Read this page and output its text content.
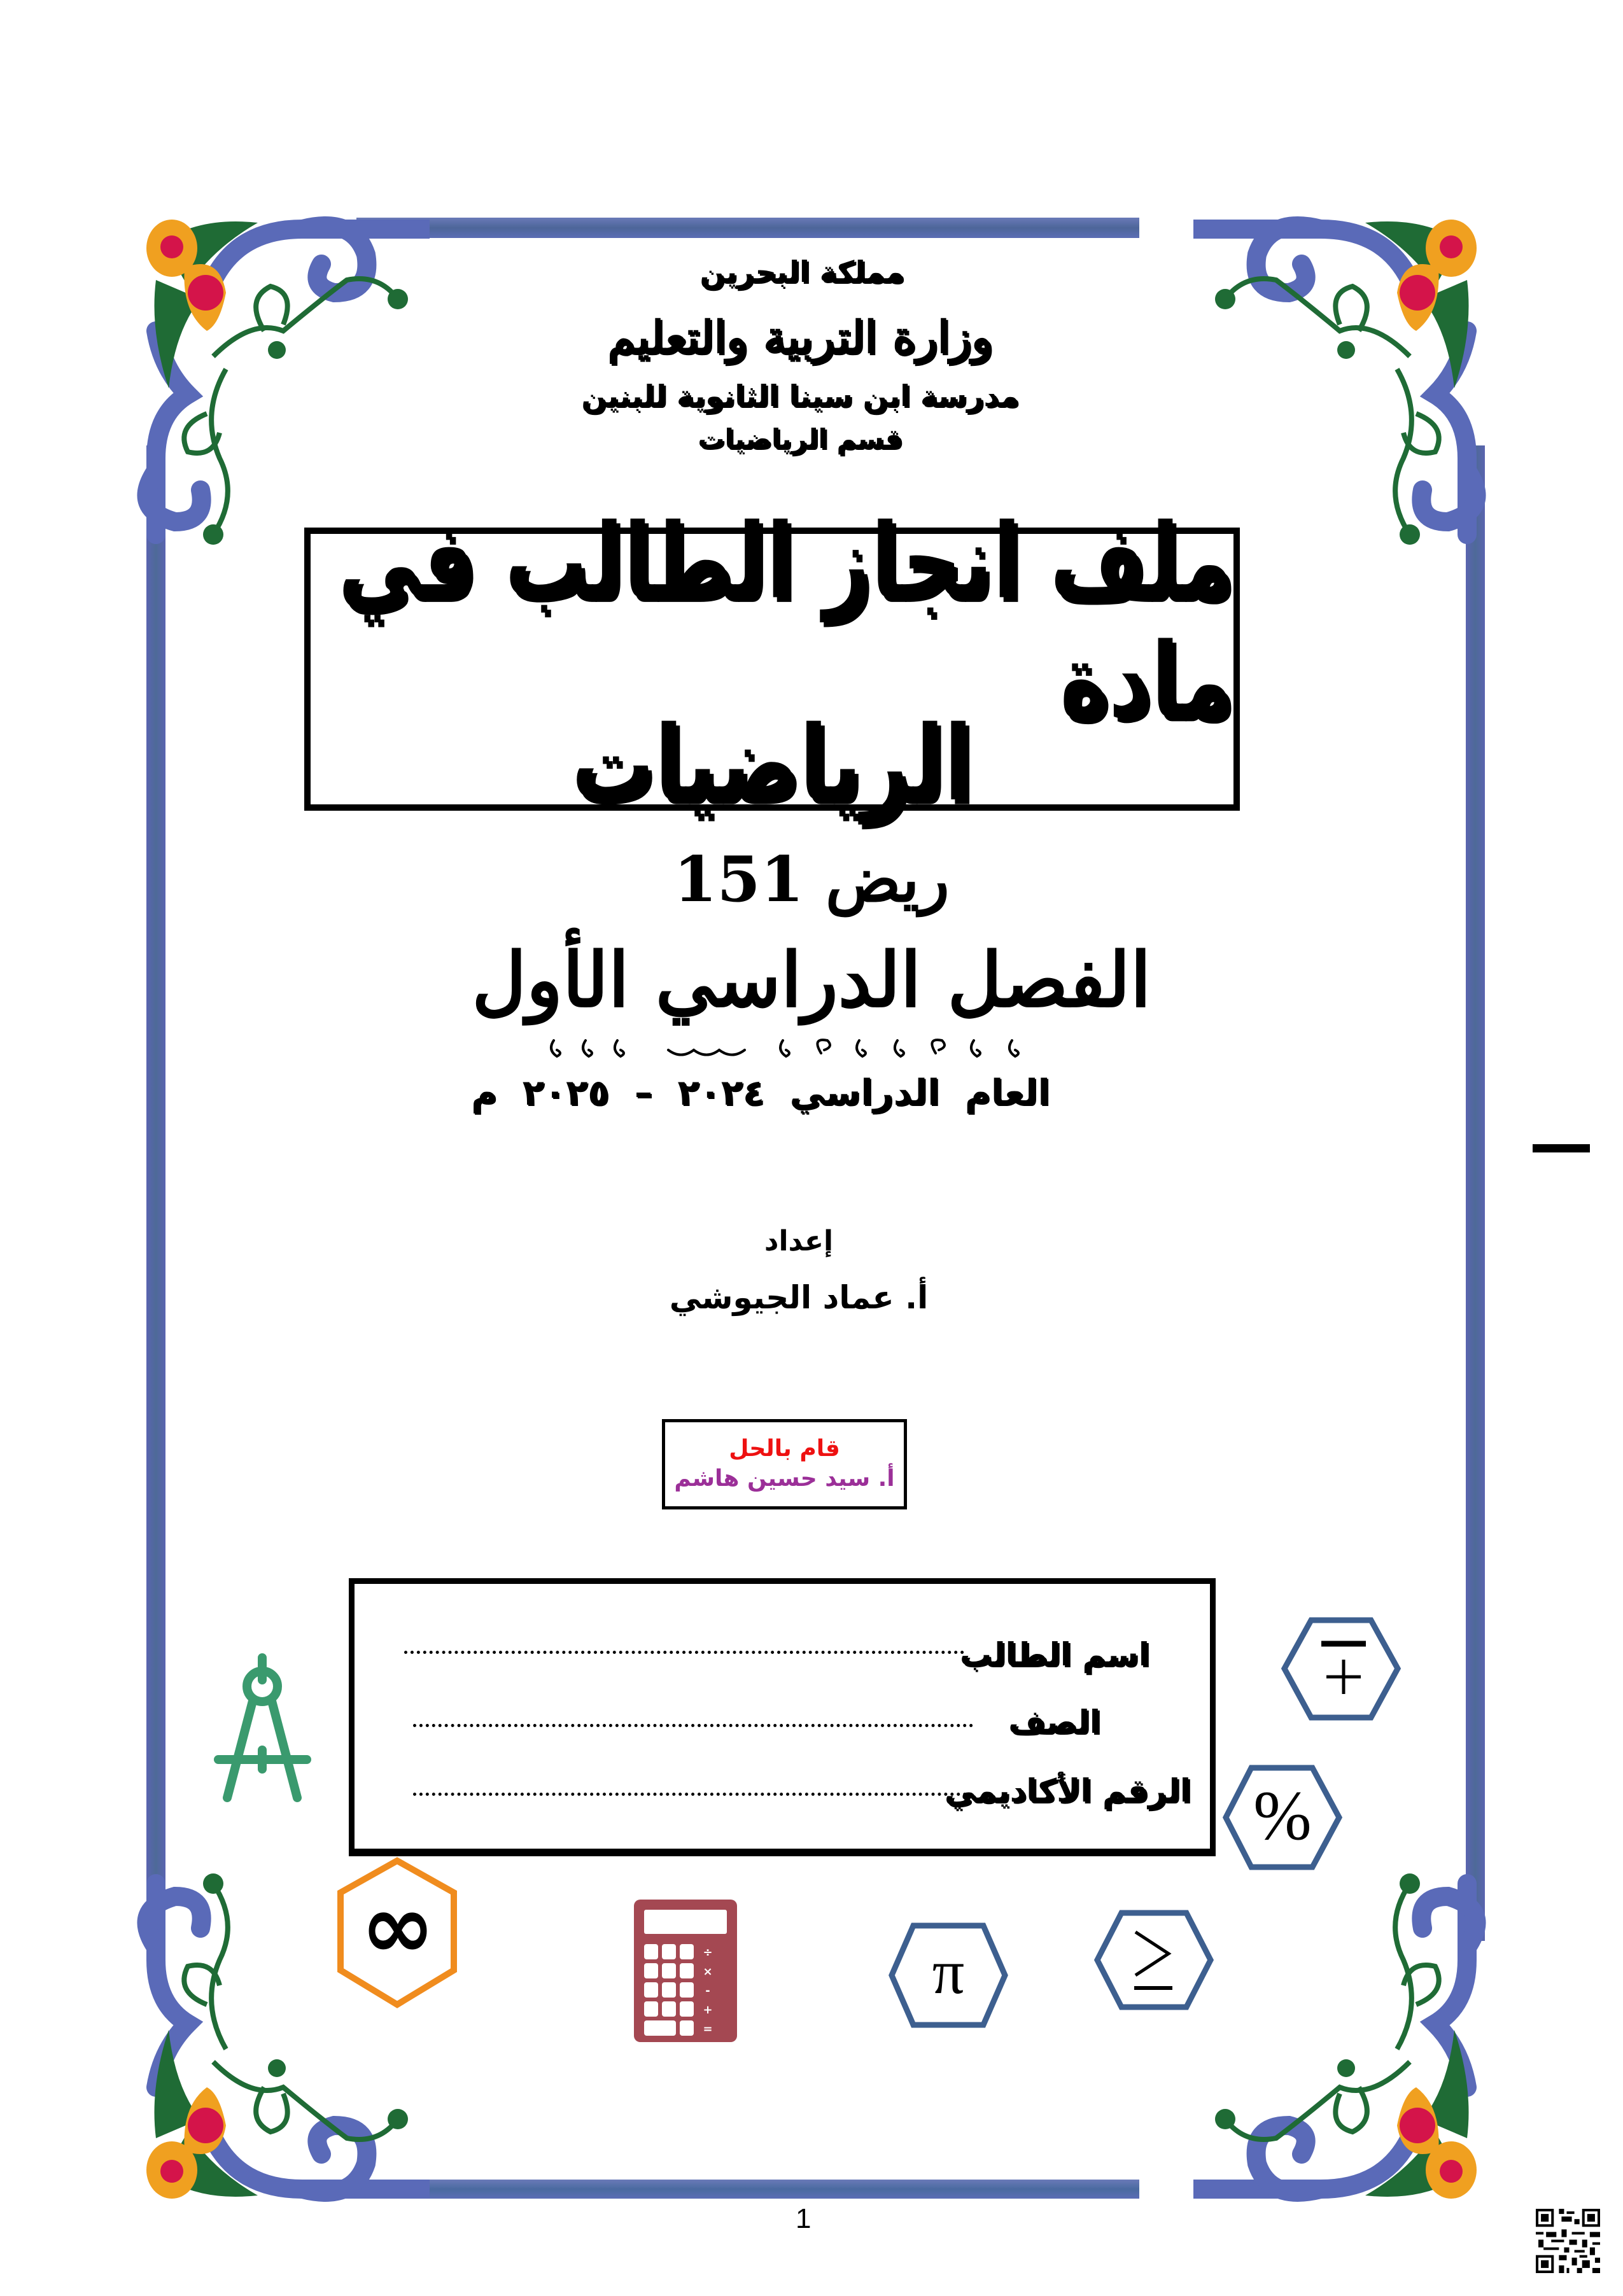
مملكة البحرين
وزارة التربية والتعليم
مدرسة ابن سينا الثانوية للبنين
قسم الرياضيات
ملف انجاز الطالب في مادة
الرياضيات
ريض 151
الفصل الدراسي الأول
العام الدراسي ٢٠٢٤ – ٢٠٢٥ م
إعداد
أ. عماد الجيوشي
قام بالحل
أ. سيد حسين هاشم
اسم الطالب
الصف
الرقم الأكاديمي %
∞	÷
×
-
+
=
π
1
